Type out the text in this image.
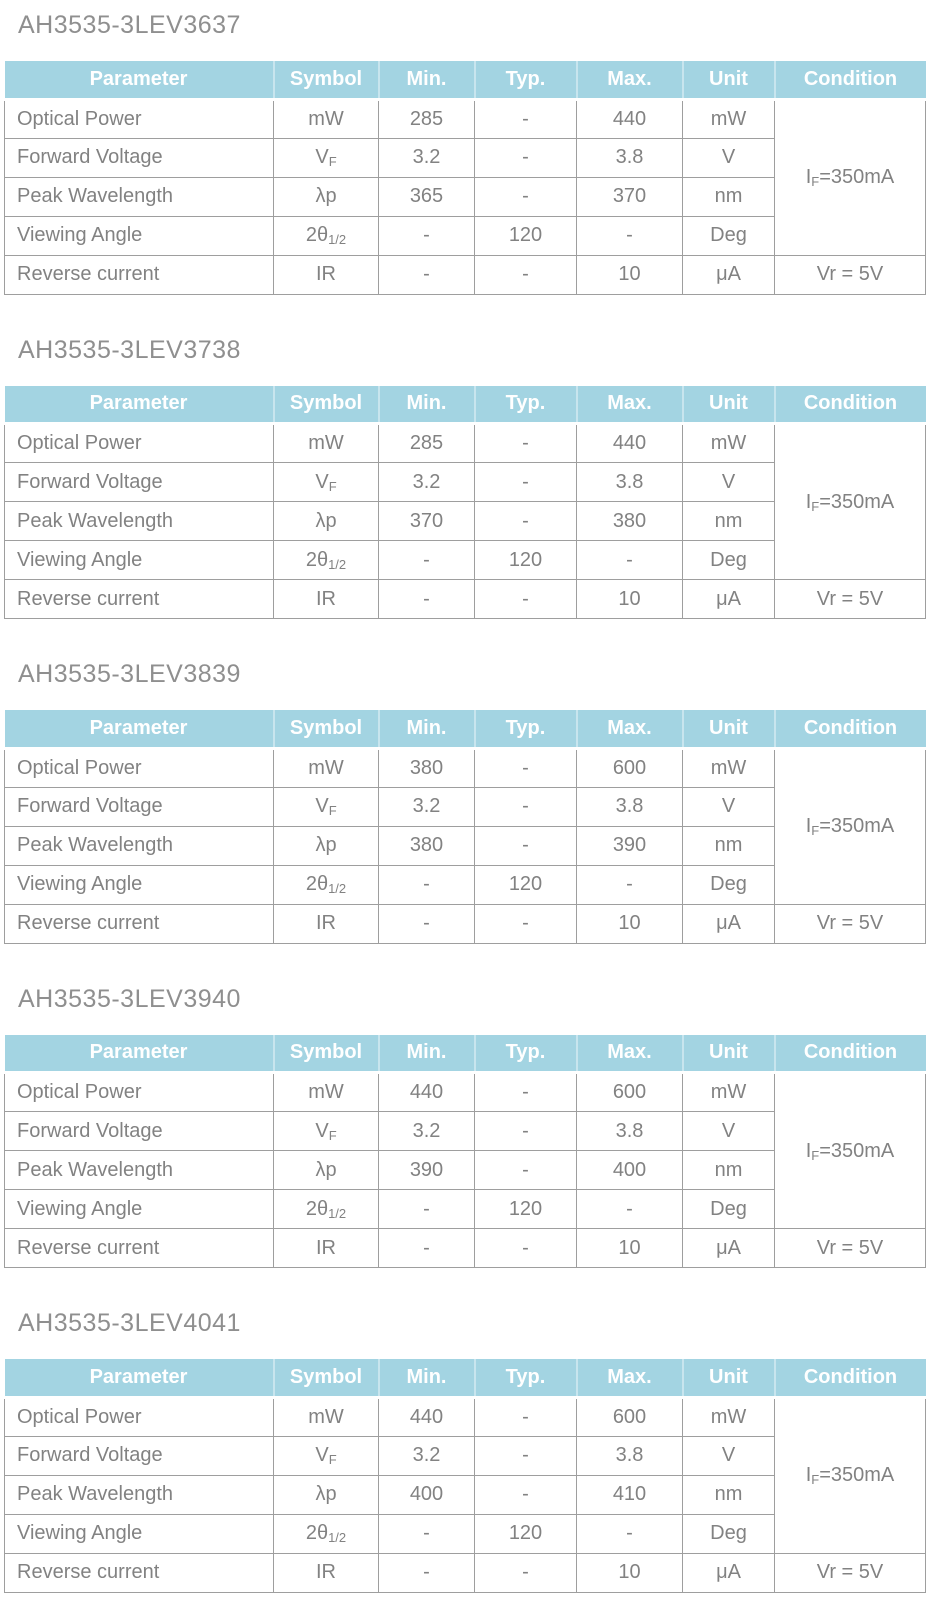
AH3535-3LEV3637
Parameter	Symbol	Min.	Typ.	Max.	Unit	Condition
Optical Power	mW	285	-	440	mW	$I_F=350mA$
Forward Voltage	$V_F$	3.2	-	3.8	V	
Peak Wavelength	λp	365	-	370	nm	
Viewing Angle	$2\theta_{1/2}$	-	120	-	Deg	
Reverse current	IR	-	-	10	μA	Vr = 5V
AH3535-3LEV3738
Parameter	Symbol	Min.	Typ.	Max.	Unit	Condition
Optical Power	mW	285	-	440	mW	$I_F=350mA$
Forward Voltage	$V_F$	3.2	-	3.8	V	
Peak Wavelength	λp	370	-	380	nm	
Viewing Angle	$2\theta_{1/2}$	-	120	-	Deg	
Reverse current	IR	-	-	10	μA	Vr = 5V
AH3535-3LEV3839
Parameter	Symbol	Min.	Typ.	Max.	Unit	Condition
Optical Power	mW	380	-	600	mW	$I_F=350mA$
Forward Voltage	$V_F$	3.2	-	3.8	V	
Peak Wavelength	λp	380	-	390	nm	
Viewing Angle	$2\theta_{1/2}$	-	120	-	Deg	
Reverse current	IR	-	-	10	μA	Vr = 5V
AH3535-3LEV3940
Parameter	Symbol	Min.	Typ.	Max.	Unit	Condition
Optical Power	mW	440	-	600	mW	$I_F=350mA$
Forward Voltage	$V_F$	3.2	-	3.8	V	
Peak Wavelength	λp	390	-	400	nm	
Viewing Angle	$2\theta_{1/2}$	-	120	-	Deg	
Reverse current	IR	-	-	10	μA	Vr = 5V
AH3535-3LEV4041
Parameter	Symbol	Min.	Typ.	Max.	Unit	Condition
Optical Power	mW	440	-	600	mW	$I_F=350mA$
Forward Voltage	$V_F$	3.2	-	3.8	V	
Peak Wavelength	λp	400	-	410	nm	
Viewing Angle	$2\theta_{1/2}$	-	120	-	Deg	
Reverse current	IR	-	-	10	μA	Vr = 5V
